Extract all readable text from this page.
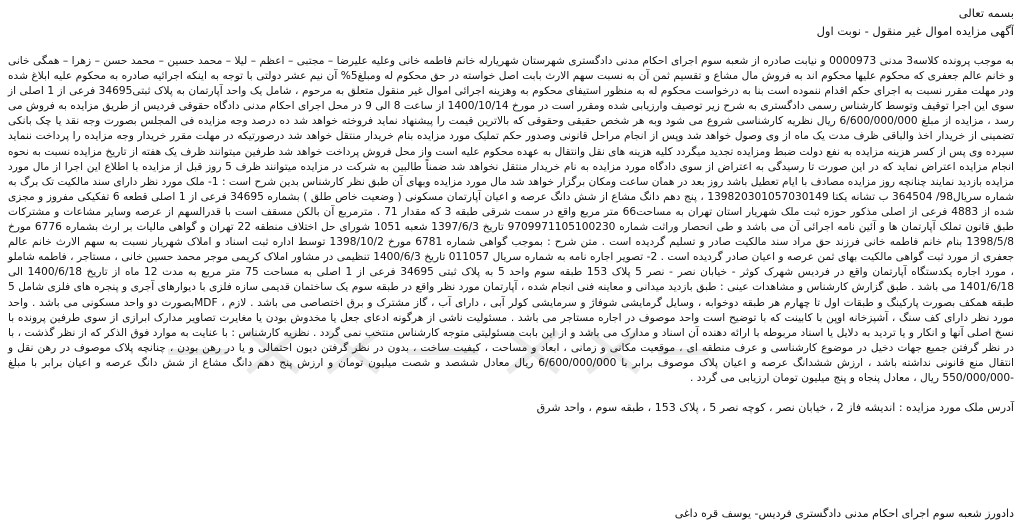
بسمه تعالی
آگهی مزایده اموال غیر منقول - نوبت اول

به موجب پرونده کلاسه3 مدنی 0000973 و نیابت صادره از شعبه سوم اجرای احکام مدنی دادگستری شهرستان شهریارله خانم فاطمه خانی وعلیه علیرضا – مجتبی – اعظم – لیلا – محمد حسین – محمد حسن – زهرا – همگی خانی و خانم عالم جعفری که محکوم علیها محکوم اند به فروش مال مشاع و تقسیم ثمن آن به نسبت سهم الارث بابت اصل خواسته در حق محکوم له ومبلغ5% آن نیم عشر دولتی با توجه به اینکه اجرائیه صادره به محکوم علیه ابلاغ شده ودر مهلت مقرر نسبت به اجرای حکم اقدام ننموده است بنا به درخواست محکوم له به منظور استیفای محکوم به وهزینه اجرائی اموال غیر منقول متعلق به مرحوم ، شامل یک واحد آپارتمان به پلاک ثبتی34695 فرعی از 1 اصلی از سوی این اجرا توقیف وتوسط کارشناس رسمی دادگستری به شرح زیر توصیف وارزیابی شده ومقرر است در مورخ 1400/10/14 از ساعت 8 الی 9 در محل اجرای احکام مدنی دادگاه حقوقی فردیس از طریق مزایده به فروش می رسد ، مزایده از مبلغ 6/600/000/000 ریال نظریه کارشناسی شروع می شود وبه هر شخص حقیقی وحقوقی که بالاترین قیمت را پیشنهاد نماید فروخته خواهد شد ده درصد وجه مزایده فی المجلس بصورت وجه نقد یا چک بانکی تضمینی از خریدار اخذ والباقی ظرف مدت یک ماه از وی وصول خواهد شد وپس از انجام مراحل قانونی وصدور حکم تملیک مورد مزایده بنام خریدار منتقل خواهد شد درصورتیکه در مهلت مقرر خریدار وجه مزایده را پرداخت ننماید سپرده وی پس از کسر هزینه مزایده به نفع دولت ضبط ومزایده تجدید میگردد کلیه هزینه های نقل وانتقال به عهده محکوم علیه است واز محل فروش پرداخت خواهد شد طرفین میتوانند ظرف یک هفته از تاریخ مزایده نسبت به نحوه انجام مزایده اعتراض نماید که در این صورت تا رسیدگی به اعتراض از سوی دادگاه مورد مزایده به نام خریدار منتقل نخواهد شد ضمناً طالبین به شرکت در مزایده میتوانند ظرف 5 روز قبل از مزایده با اطلاع این اجرا از مال مورد مزایده بازدید نمایند چنانچه روز مزایده مصادف با ایام تعطیل باشد روز بعد در همان ساعت ومکان برگزار خواهد شد مال مورد مزایده وبهای آن طبق نظر کارشناس بدین شرح است : 1- ملک مورد نظر دارای سند مالکیت تک برگ به شماره سریال98/ 364504 ب تشانه یکتا 139820301057030149 ، پنج دهم دانگ مشاع از شش دانگ عرصه و اعیان آپارتمان مسکونی ( وضعیت خاص طلق ) بشماره 34695 فرعی از 1 اصلی قطعه 6 تفکیکی مفروز و مجزی شده از 4883 فرعی از اصلی مذکور حوزه ثبت ملک شهریار استان تهران به مساحت66 متر مربع واقع در سمت شرقی طبقه 3 که مقدار 71 . مترمربع آن بالکن مسقف است با قدرالسهم از عرصه وسایر مشاعات و مشترکات طبق قانون تملک آپارتمان ها و آئین نامه اجرائی آن می باشد و طی انحصار وراثت شماره 9709971105100230 تاریخ 1397/6/3 شعبه 1051 شورای حل اختلاف منطقه 22 تهران و گواهی مالیات بر ارث بشماره 6776 مورخ 1398/5/8 بنام خانم فاطمه خانی فرزند حق مراد سند مالکیت صادر و تسلیم گردیده است . متن شرح : بموجب گواهی شماره 6781 مورخ 1398/10/2 توسط اداره ثبت اسناد و املاک شهریار نسبت به سهم الارث خانم عالم جعفری از مورد ثبت گواهی مالکیت بهای ثمن عرصه و اعیان صادر گردیده است . 2- تصویر اجاره نامه به شماره سریال 011057 تاریخ 1400/6/3 تنظیمی در مشاور املاک کریمی موجر محمد حسین خانی ، مستاجر ، فاطمه شاملو ، مورد اجاره یکدستگاه آپارتمان واقع در فردیس شهرک کوثر - خیابان نصر - نصر 5 پلاک 153 طبقه سوم واحد 5 به پلاک ثبتی 34695 فرعی از 1 اصلی به مساحت 75 متر مربع به مدت 12 ماه از تاریخ 1400/6/18 الی 1401/6/18 می باشد . طبق گزارش کارشناس و مشاهدات عینی : طبق بازدید میدانی و معاینه فنی انجام شده ، آپارتمان مورد نظر واقع در طبقه سوم یک ساختمان قدیمی سازه فلزی با دیوارهای آجری و پنجره های فلزی شامل 5 طبقه همکف بصورت پارکینگ و طبقات اول تا چهارم هر طبقه دوخوابه ، وسایل گرمایشی شوفاژ و سرمایشی کولر آبی ، دارای آب ، گاز مشترک و برق اختصاصی می باشد . لازم ، MDFبصورت دو واحد مسکونی می باشد . واحد مورد نظر دارای کف سنگ ، آشپزخانه اوپن با کابینت که با توضیح است واحد موصوف در اجاره مستاجر می باشد . مسئولیت ناشی از هرگونه ادعای جعل یا مخدوش بودن یا مغایرت تصاویر مدارک ابرازی از سوی طرفین پرونده با نسخ اصلی آنها و انکار و یا تردید به دلایل یا اسناد مربوطه با ارائه دهنده آن اسناد و مدارک می باشد و از این بابت مسئولیتی متوجه کارشناس منتخب نمی گردد . نظریه کارشناس : با عنایت به موارد فوق الذکر که از نظر گذشت ، با در نظر گرفتن جمیع جهات دخیل در موضوع کارشناسی و عرف منطقه ای ، موقعیت مکانی و زمانی ، ابعاد و مساحت ، کیفیت ساخت ، بدون در نظر گرفتن دیون احتمالی و یا در رهن بودن ، چنانچه پلاک موصوف در رهن نقل و انتقال منع قانونی نداشته باشد ، ارزش ششدانگ عرصه و اعیان پلاک موصوف برابر با 6/600/000/000 ریال معادل ششصد و شصت میلیون تومان و ارزش پنج دهم دانگ مشاع از شش دانگ عرصه و اعیان برابر با مبلغ -550/000/000 ریال ، معادل پنجاه و پنج میلیون تومان ارزیابی می گردد .

آدرس ملک مورد مزایده : اندیشه فاز 2 ، خیابان نصر ، کوچه نصر 5 ، پلاک 153 ، طبقه سوم ، واحد شرق

دادورز شعبه سوم اجرای احکام مدنی دادگستری فردیس- یوسف قره داغی
